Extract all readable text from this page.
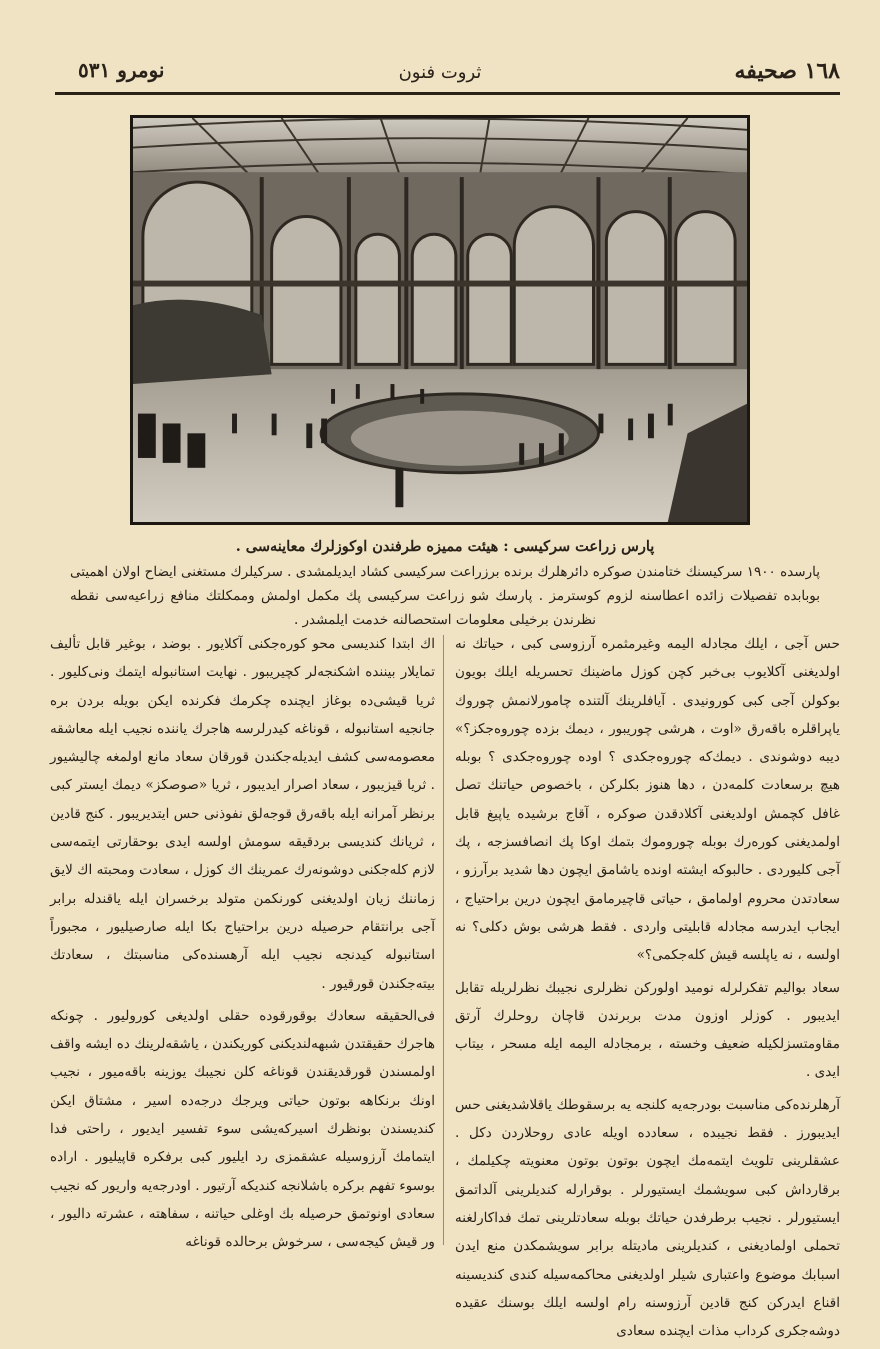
١٦٨ صحيفه
ثروت فنون
نومرو ٥٣١
پارس زراعت سرکیسی : هیئت مميزه طرفندن اوکوزلرك معاینه‌سی .
پارسده ١٩٠٠ سرکیسنك ختامندن صوکره دائرهلرك برنده برزراعت سرکیسی کشاد ایدیلمشدی . سرکیلرك مستغنی ایضاح اولان اهمیتی بوبابده تفصیلات زائده اعطاسنه لزوم کوسترمز . پارسك شو زراعت سرکیسی پك مکمل اولمش وممکلتك منافع زراعیه‌سی نقطه نظرندن برخیلی معلومات استحصالنه خدمت ایلمشدر .

حس آجی ، ایلك مجادله الیمه وغیرمثمره آرزوسی کبی ، حیاتك نه اولدیغنی آکلایوب بی‌خبر کچن کوزل ماضینك تحسریله ایلك بویون بوکولن آجی کبی کورونیدی . آیافلرینك آلتنده چامورلانمش چوروك یاپراقلره باقه‌رق «اوت ، هرشی چوریبور ، دیمك بزده چوروه‌جکز؟» دیبه دوشوندی . دیمك‌که چوروه‌جکدی ؟ اوده چوروه‌جکدی ؟ بوبله هیچ برسعادت کلمه‌دن ، دها هنوز بکلرکن ، باخصوص حیاتنك تصل غافل کچمش اولدیغنی آکلادقدن صوکره ، آقاج برشیده یاپیغ قابل اولمدیغنی کوره‌رك بوبله چوروموك بتمك اوکا پك انصافسزجه ، پك آجی کلیوردی . حالبوکه ایشته اونده یاشامق ایچون دها شدید برآرزو ، سعادتدن محروم اولمامق ، حیاتی قاچیرمامق ایچون درین براحتیاج ، ایجاب ایدرسه مجادله قابلیتی واردی . فقط هرشی بوش دکلی؟ نه اولسه ، نه یاپلسه قیش کله‌جکمی؟»

سعاد بوالیم تفکرلرله نومید اولورکن نظرلری نجیبك نظرلریله تقابل ایدیبور . کوزلر اوزون مدت بربرندن قاچان روحلرك آرتق مقاومتسزلکیله ضعیف وخسته ، برمجادله الیمه ایله مسحر ، بیتاب ایدی .

آرهلرنده‌کی مناسبت بودرجه‌یه کلنجه یه برسقوطك یاقلاشدیغنی حس ایدیبورز . فقط نجیبده ، سعادده اویله عادی روحلاردن دکل . عشقلرینی تلویث ایتمه‌مك ایچون بوتون بوتون معنویته چکیلمك ، برقارداش کبی سویشمك ایستیورلر . بوقرارله کندیلرینی آلداتمق ایستیورلر . نجیب برطرفدن حیاتك بوبله سعادتلرینی تمك فداکارلغنه تحملی اولمادیغنی ، کندیلرینی مادیتله برابر سویشمکدن منع ایدن اسبابك موضوع واعتباری شیلر اولدیغنی محاکمه‌سیله کندی کندیسینه اقناع ایدرکن کنج قادین آرزوسنه رام اولسه ایلك بوسنك عقیده دوشه‌جکری کرداب مذات ایچنده سعادی

اك ابتدا کندیسی محو کوره‌جکنی آکلایور . بوضد ، بوغیر قابل تألیف تمایلار بیننده اشکنجه‌لر کچیریبور . نهایت استانبوله ایتمك ونی‌کلیور . ثریا قیشی‌ده بوغاز ایچنده چکرمك فکرنده ایکن بویله بردن بره جانجیه استانبوله ، قوناغه کیدرلرسه هاجرك یاننده نجیب ایله معاشقه معصومه‌سی کشف ایدیله‌جکندن قورقان سعاد مانع اولمغه چالیشیور . ثریا قیزیبور ، سعاد اصرار ایدیبور ، ثریا «صوصکز» دیمك ایستر کبی برنظر آمرانه ایله باقه‌رق قوجه‌لق نفوذنی حس ایتدیریبور . کنج قادین ، ثریانك کندیسی بردقیقه سومش اولسه ایدی بوحقارتی ایتمه‌سی لازم کله‌جکنی دوشونه‌رك عمرینك اك کوزل ، سعادت ومحبته اك لایق زماننك زیان اولدیغنی کورنکمن متولد برخسران ایله یاقندله برابر آجی برانتقام حرصیله درین براحتیاج بکا ایله صارصیلیور ، مجبوراً استانبوله کیدنجه نجیب ایله آرهسنده‌کی مناسبتك ، سعادتك بیته‌جکندن قورقیور .

فی‌الحقیقه سعادك بوقورقوده حقلی اولدیغی کورولیور . چونکه هاجرك حقیقتدن شبهه‌لندیکنی کوریکندن ، یاشقه‌لرینك ده ایشه واقف اولمسندن قورقدیقندن قوناغه کلن نجیبك یوزینه باقه‌میور ، نجیب اونك برنکاهه بوتون حیاتی ویرجك درجه‌ده اسیر ، مشتاق ایکن کندیسندن بونظرك اسیرکه‌یشی سوء تفسیر ایدیور ، راحتی فدا ایتمامك آرزوسیله عشقمزی رد ایلیور کبی برفکره قاپیلیور . اراده بوسوء تفهم برکره باشلانجه کندیکه آرتیور . اودرجه‌یه واریور که نجیب سعادی اونوتمق حرصیله بك اوغلی حیاتنه ، سفاهته ، عشرته دالیور ، ور قیش کیجه‌سی ، سرخوش برحالده قوناغه
